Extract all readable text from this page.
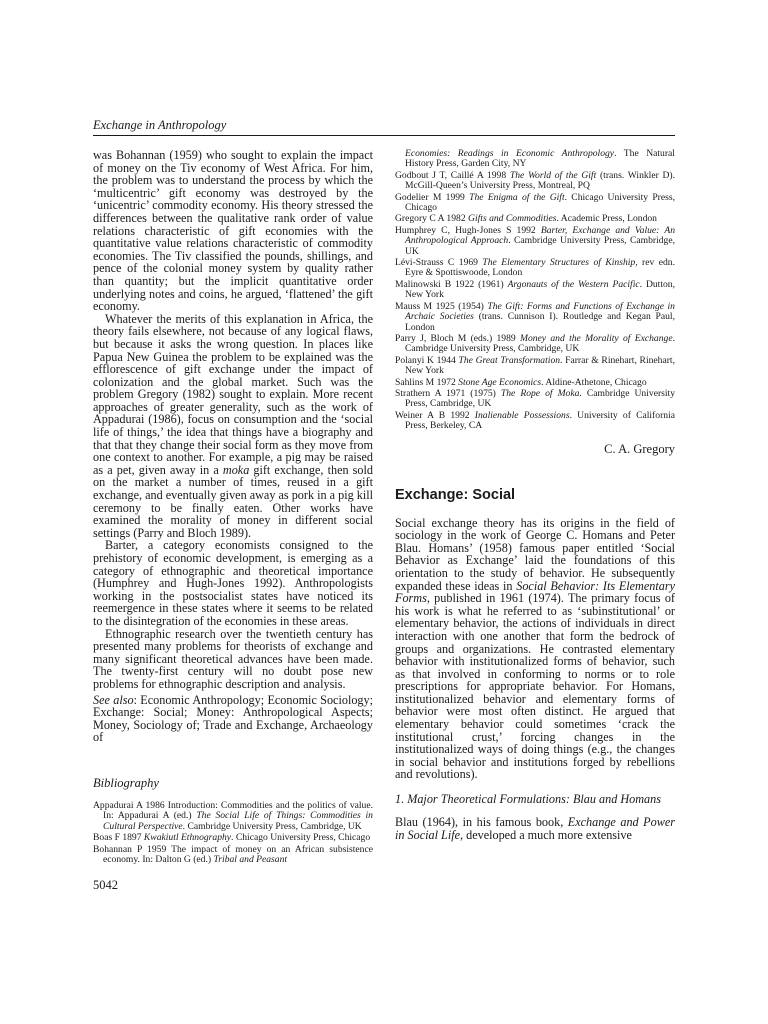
Exchange in Anthropology

was Bohannan (1959) who sought to explain the impact of money on the Tiv economy of West Africa. For him, the problem was to understand the process by which the ‘multicentric’ gift economy was destroyed by the ‘unicentric’ commodity economy. His theory stressed the differences between the qualitative rank order of value relations characteristic of gift economies with the quantitative value relations characteristic of commodity economies. The Tiv classified the pounds, shillings, and pence of the colonial money system by quality rather than quantity; but the implicit quantitative order underlying notes and coins, he argued, ‘flattened’ the gift economy.

Whatever the merits of this explanation in Africa, the theory fails elsewhere, not because of any logical flaws, but because it asks the wrong question. In places like Papua New Guinea the problem to be explained was the efflorescence of gift exchange under the impact of colonization and the global market. Such was the problem Gregory (1982) sought to explain. More recent approaches of greater generality, such as the work of Appadurai (1986), focus on consumption and the ‘social life of things,’ the idea that things have a biography and that that they change their social form as they move from one context to another. For example, a pig may be raised as a pet, given away in a moka gift exchange, then sold on the market a number of times, reused in a gift exchange, and eventually given away as pork in a pig kill ceremony to be finally eaten. Other works have examined the morality of money in different social settings (Parry and Bloch 1989).

Barter, a category economists consigned to the prehistory of economic development, is emerging as a category of ethnographic and theoretical importance (Humphrey and Hugh-Jones 1992). Anthropologists working in the postsocialist states have noticed its reemergence in these states where it seems to be related to the disintegration of the economies in these areas.

Ethnographic research over the twentieth century has presented many problems for theorists of exchange and many significant theoretical advances have been made. The twenty-first century will no doubt pose new problems for ethnographic description and analysis.

See also: Economic Anthropology; Economic Sociology; Exchange: Social; Money: Anthropological Aspects; Money, Sociology of; Trade and Exchange, Archaeology of

Bibliography

Appadurai A 1986 Introduction: Commodities and the politics of value. In: Appadurai A (ed.) The Social Life of Things: Commodities in Cultural Perspective. Cambridge University Press, Cambridge, UK

Boas F 1897 Kwakiutl Ethnography. Chicago University Press, Chicago

Bohannan P 1959 The impact of money on an African subsistence economy. In: Dalton G (ed.) Tribal and Peasant

5042

Economies: Readings in Economic Anthropology. The Natural History Press, Garden City, NY

Godbout J T, Caillé A 1998 The World of the Gift (trans. Winkler D). McGill-Queen’s University Press, Montreal, PQ

Godelier M 1999 The Enigma of the Gift. Chicago University Press, Chicago

Gregory C A 1982 Gifts and Commodities. Academic Press, London

Humphrey C, Hugh-Jones S 1992 Barter, Exchange and Value: An Anthropological Approach. Cambridge University Press, Cambridge, UK

Lévi-Strauss C 1969 The Elementary Structures of Kinship, rev edn. Eyre & Spottiswoode, London

Malinowski B 1922 (1961) Argonauts of the Western Pacific. Dutton, New York

Mauss M 1925 (1954) The Gift: Forms and Functions of Exchange in Archaic Societies (trans. Cunnison I). Routledge and Kegan Paul, London

Parry J, Bloch M (eds.) 1989 Money and the Morality of Exchange. Cambridge University Press, Cambridge, UK

Polanyi K 1944 The Great Transformation. Farrar & Rinehart, Rinehart, New York

Sahlins M 1972 Stone Age Economics. Aldine-Athetone, Chicago

Strathern A 1971 (1975) The Rope of Moka. Cambridge University Press, Cambridge, UK

Weiner A B 1992 Inalienable Possessions. University of California Press, Berkeley, CA

C. A. Gregory

Exchange: Social

Social exchange theory has its origins in the field of sociology in the work of George C. Homans and Peter Blau. Homans’ (1958) famous paper entitled ‘Social Behavior as Exchange’ laid the foundations of this orientation to the study of behavior. He subsequently expanded these ideas in Social Behavior: Its Elementary Forms, published in 1961 (1974). The primary focus of his work is what he referred to as ‘subinstitutional’ or elementary behavior, the actions of individuals in direct interaction with one another that form the bedrock of groups and organizations. He contrasted elementary behavior with institutionalized forms of behavior, such as that involved in conforming to norms or to role prescriptions for appropriate behavior. For Homans, institutionalized behavior and elementary forms of behavior were most often distinct. He argued that elementary behavior could sometimes ‘crack the institutional crust,’ forcing changes in the institutionalized ways of doing things (e.g., the changes in social behavior and institutions forged by rebellions and revolutions).

1. Major Theoretical Formulations: Blau and Homans

Blau (1964), in his famous book, Exchange and Power in Social Life, developed a much more extensive
